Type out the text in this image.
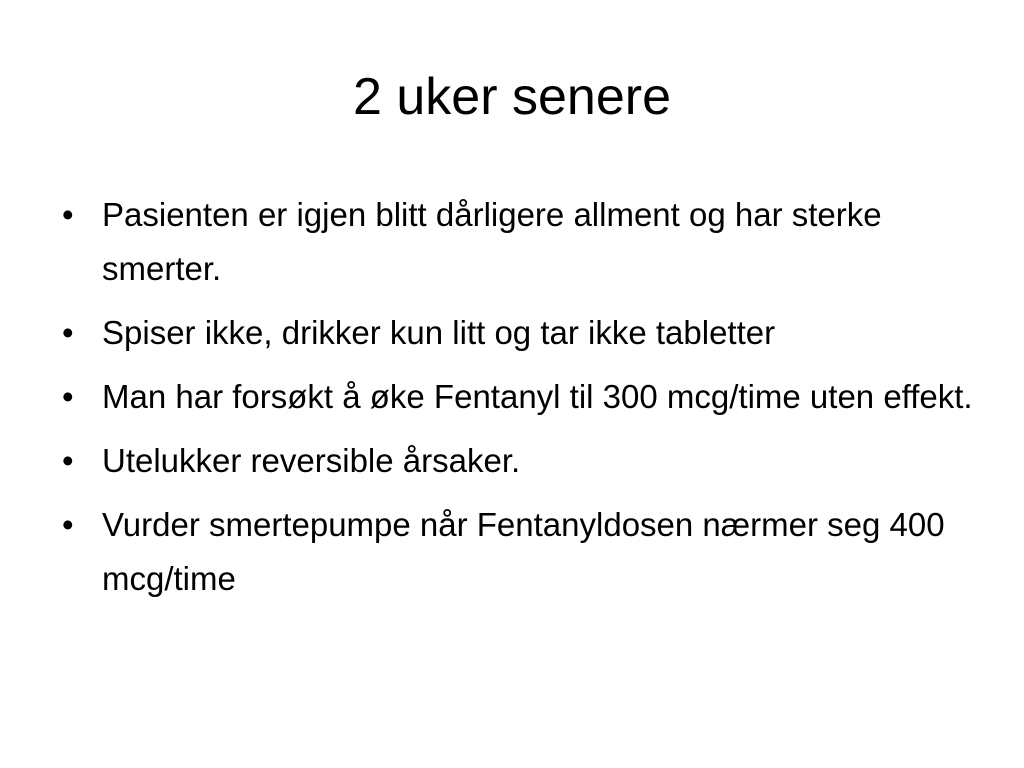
2 uker senere
• Pasienten er igjen blitt dårligere allment og har sterke smerter.
• Spiser ikke, drikker kun litt og tar ikke tabletter
• Man har forsøkt å øke Fentanyl til 300 mcg/time uten effekt.
• Utelukker reversible årsaker.
• Vurder smertepumpe når Fentanyldosen nærmer seg 400 mcg/time
